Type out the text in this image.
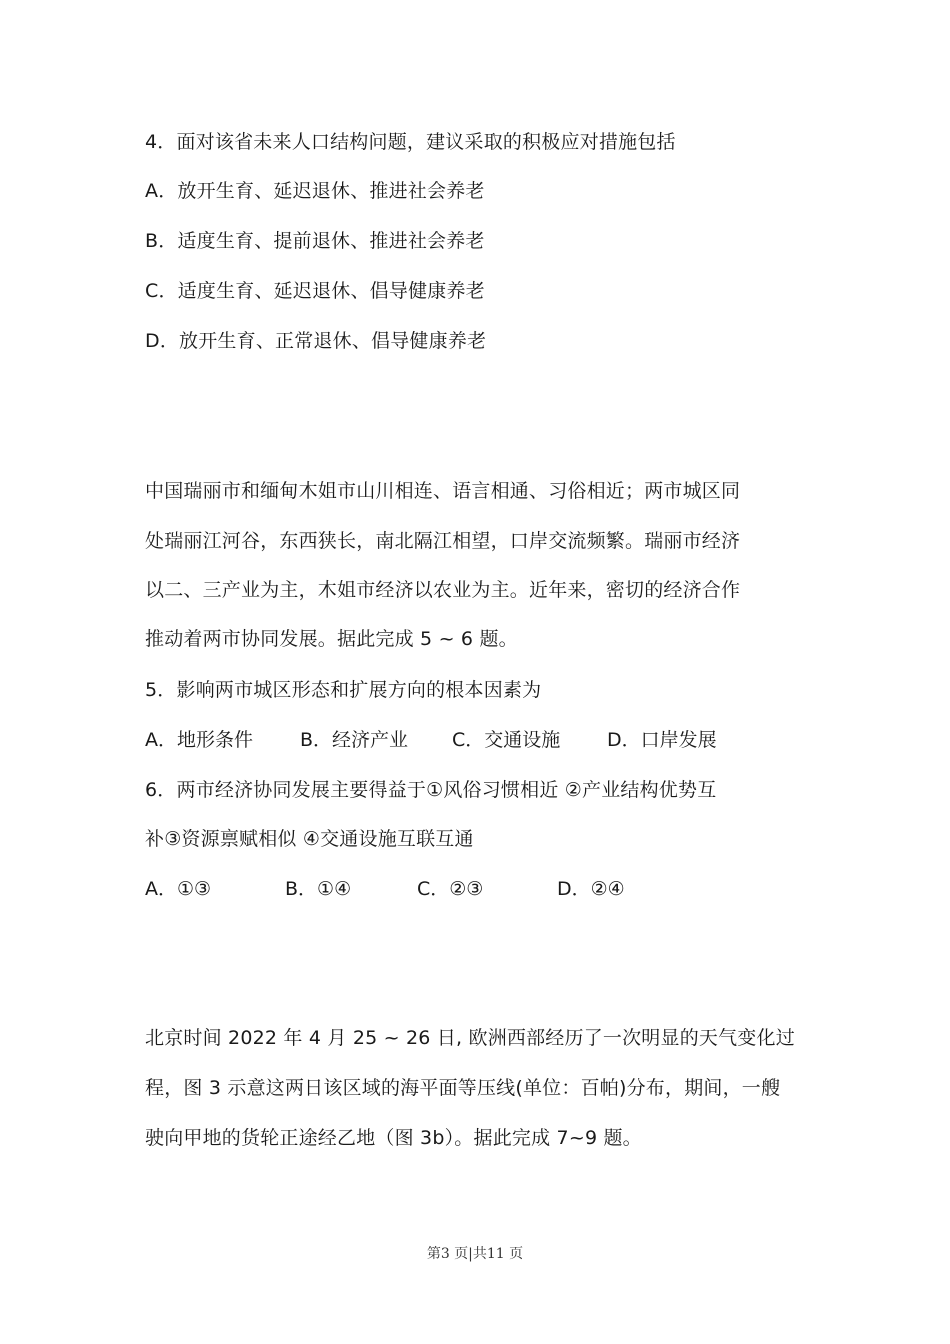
4．面对该省未来人口结构问题，建议采取的积极应对措施包括
A．放开生育、延迟退休、推进社会养老
B．适度生育、提前退休、推进社会养老
C．适度生育、延迟退休、倡导健康养老
D．放开生育、正常退休、倡导健康养老
中国瑞丽市和缅甸木姐市山川相连、语言相通、习俗相近；两市城区同
处瑞丽江河谷，东西狭长，南北隔江相望，口岸交流频繁。瑞丽市经济
以二、三产业为主，木姐市经济以农业为主。近年来，密切的经济合作
推动着两市协同发展。据此完成 5 ~ 6 题。
5．影响两市城区形态和扩展方向的根本因素为
A．地形条件 B．经济产业 C．交通设施 D．口岸发展
6．两市经济协同发展主要得益于①风俗习惯相近 ②产业结构优势互
补③资源禀赋相似 ④交通设施互联互通
A．①③	B．①④	C．②③	D．②④
北京时间 2022 年 4 月 25 ~ 26 日, 欧洲西部经历了一次明显的天气变化过
程，图 3 示意这两日该区域的海平面等压线(单位：百帕)分布，期间，一艘
驶向甲地的货轮正途经乙地（图 3b）。据此完成 7~9 题。
第3 页|共11 页
